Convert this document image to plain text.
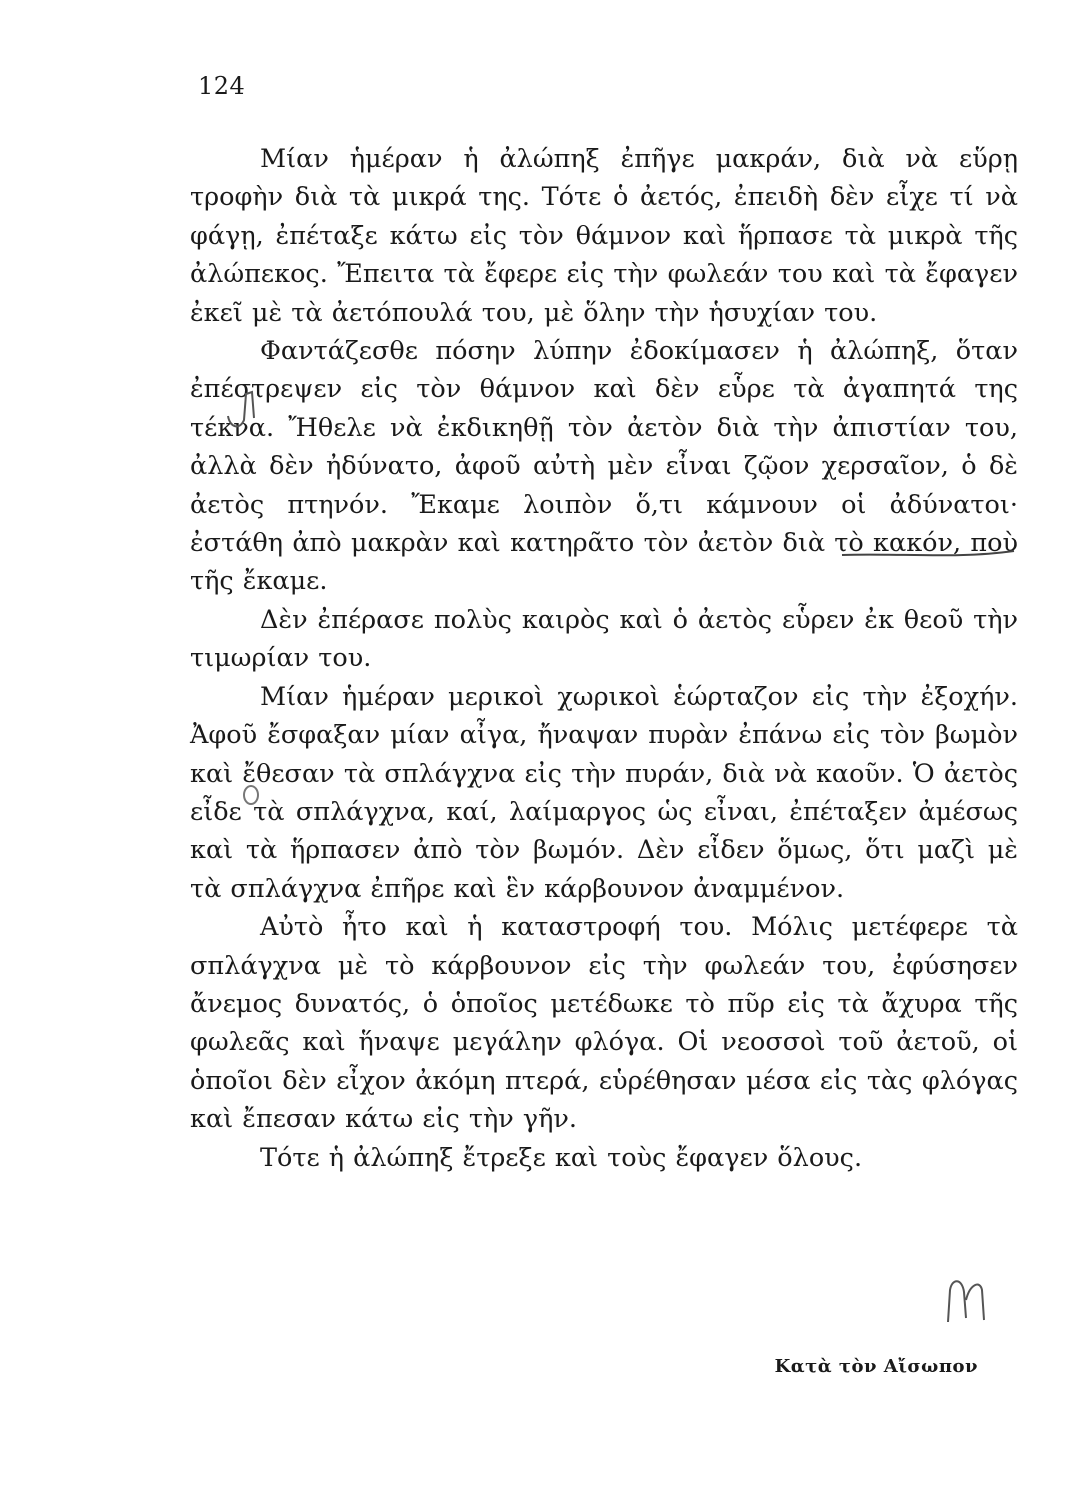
124

Μίαν ἡμέραν ἡ ἀλώπηξ ἐπῆγε μακράν, διὰ νὰ εὕρῃ τροφὴν διὰ τὰ μικρά της. Τότε ὁ ἀετός, ἐπειδὴ δὲν εἶχε τί νὰ φάγῃ, ἐπέταξε κάτω εἰς τὸν θάμνον καὶ ἥρπασε τὰ μικρὰ τῆς ἀλώπεκος. Ἔπειτα τὰ ἔφερε εἰς τὴν φωλεάν του καὶ τὰ ἔφαγεν ἐκεῖ μὲ τὰ ἀετόπουλά του, μὲ ὅλην τὴν ἡσυχίαν του.

Φαντάζεσθε πόσην λύπην ἐδοκίμασεν ἡ ἀλώπηξ, ὅταν ἐπέστρεψεν εἰς τὸν θάμνον καὶ δὲν εὗρε τὰ ἀγαπητά της τέκνα. Ἤθελε νὰ ἐκδικηθῇ τὸν ἀετὸν διὰ τὴν ἀπιστίαν του, ἀλλὰ δὲν ἠδύνατο, ἀφοῦ αὐτὴ μὲν εἶναι ζῷον χερσαῖον, ὁ δὲ ἀετὸς πτηνόν. Ἔκαμε λοιπὸν ὅ,τι κάμνουν οἱ ἀδύνατοι· ἐστάθη ἀπὸ μακρὰν καὶ κατηρᾶτο τὸν ἀετὸν διὰ τὸ κακόν, ποὺ τῆς ἔκαμε.

Δὲν ἐπέρασε πολὺς καιρὸς καὶ ὁ ἀετὸς εὗρεν ἐκ θεοῦ τὴν τιμωρίαν του.

Μίαν ἡμέραν μερικοὶ χωρικοὶ ἑώρταζον εἰς τὴν ἐξοχήν. Ἀφοῦ ἔσφαξαν μίαν αἶγα, ἤναψαν πυρὰν ἐπάνω εἰς τὸν βωμὸν καὶ ἔθεσαν τὰ σπλάγχνα εἰς τὴν πυράν, διὰ νὰ καοῦν. Ὁ ἀετὸς εἶδε τὰ σπλάγχνα, καί, λαίμαργος ὡς εἶναι, ἐπέταξεν ἀμέσως καὶ τὰ ἥρπασεν ἀπὸ τὸν βωμόν. Δὲν εἶδεν ὅμως, ὅτι μαζὶ μὲ τὰ σπλάγχνα ἐπῆρε καὶ ἓν κάρβουνον ἀναμμένον.

Αὐτὸ ἦτο καὶ ἡ καταστροφή του. Μόλις μετέφερε τὰ σπλάγχνα μὲ τὸ κάρβουνον εἰς τὴν φωλεάν του, ἐφύσησεν ἄνεμος δυνατός, ὁ ὁποῖος μετέδωκε τὸ πῦρ εἰς τὰ ἄχυρα τῆς φωλεᾶς καὶ ἥναψε μεγάλην φλόγα. Οἱ νεοσσοὶ τοῦ ἀετοῦ, οἱ ὁποῖοι δὲν εἶχον ἀκόμη πτερά, εὑρέθησαν μέσα εἰς τὰς φλόγας καὶ ἔπεσαν κάτω εἰς τὴν γῆν.

Τότε ἡ ἀλώπηξ ἔτρεξε καὶ τοὺς ἔφαγεν ὅλους.

Κατὰ τὸν Αἴσωπον
